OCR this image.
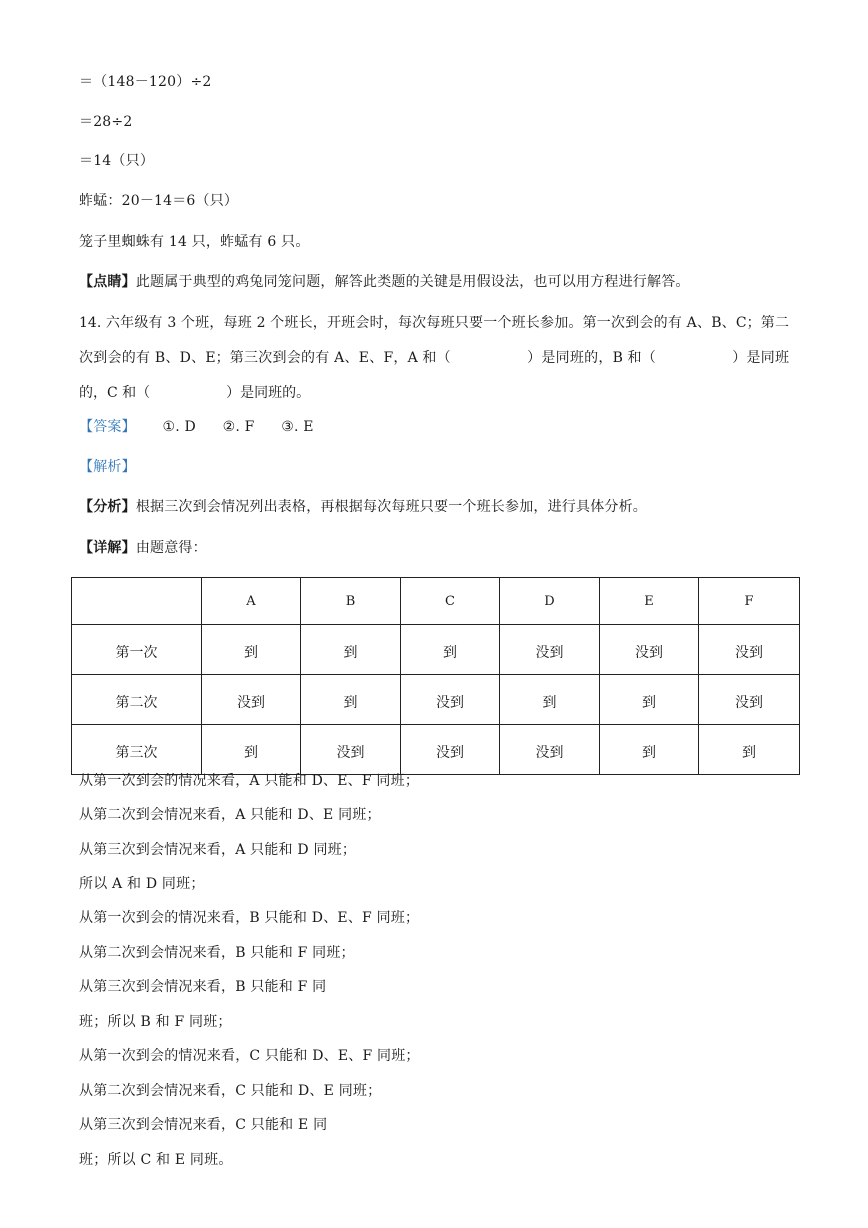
＝（148－120）÷2
＝28÷2
＝14（只）
蚱蜢：20－14＝6（只）
笼子里蜘蛛有 14 只，蚱蜢有 6 只。
【点睛】此题属于典型的鸡兔同笼问题，解答此类题的关键是用假设法，也可以用方程进行解答。
14. 六年级有 3 个班，每班 2 个班长，开班会时，每次每班只要一个班长参加。第一次到会的有 A、B、C；第二次到会的有 B、D、E；第三次到会的有 A、E、F，A 和（	）是同班的，B 和（	）是同班的，C 和（	）是同班的。
【答案】 ①. D ②. F ③. E
【解析】
【分析】根据三次到会情况列出表格，再根据每次每班只要一个班长参加，进行具体分析。
【详解】由题意得：
	A	B	C	D	E	F
第一次	到	到	到	没到	没到	没到
第二次	没到	到	没到	到	到	没到
第三次	到	没到	没到	没到	到	到
从第一次到会的情况来看，A 只能和 D、E、F 同班；
从第二次到会情况来看，A 只能和 D、E 同班；
从第三次到会情况来看，A 只能和 D 同班；
所以 A 和 D 同班；
从第一次到会的情况来看，B 只能和 D、E、F 同班；
从第二次到会情况来看，B 只能和 F 同班；
从第三次到会情况来看，B 只能和 F 同
班；所以 B 和 F 同班；
从第一次到会的情况来看，C 只能和 D、E、F 同班；
从第二次到会情况来看，C 只能和 D、E 同班；
从第三次到会情况来看，C 只能和 E 同
班；所以 C 和 E 同班。
